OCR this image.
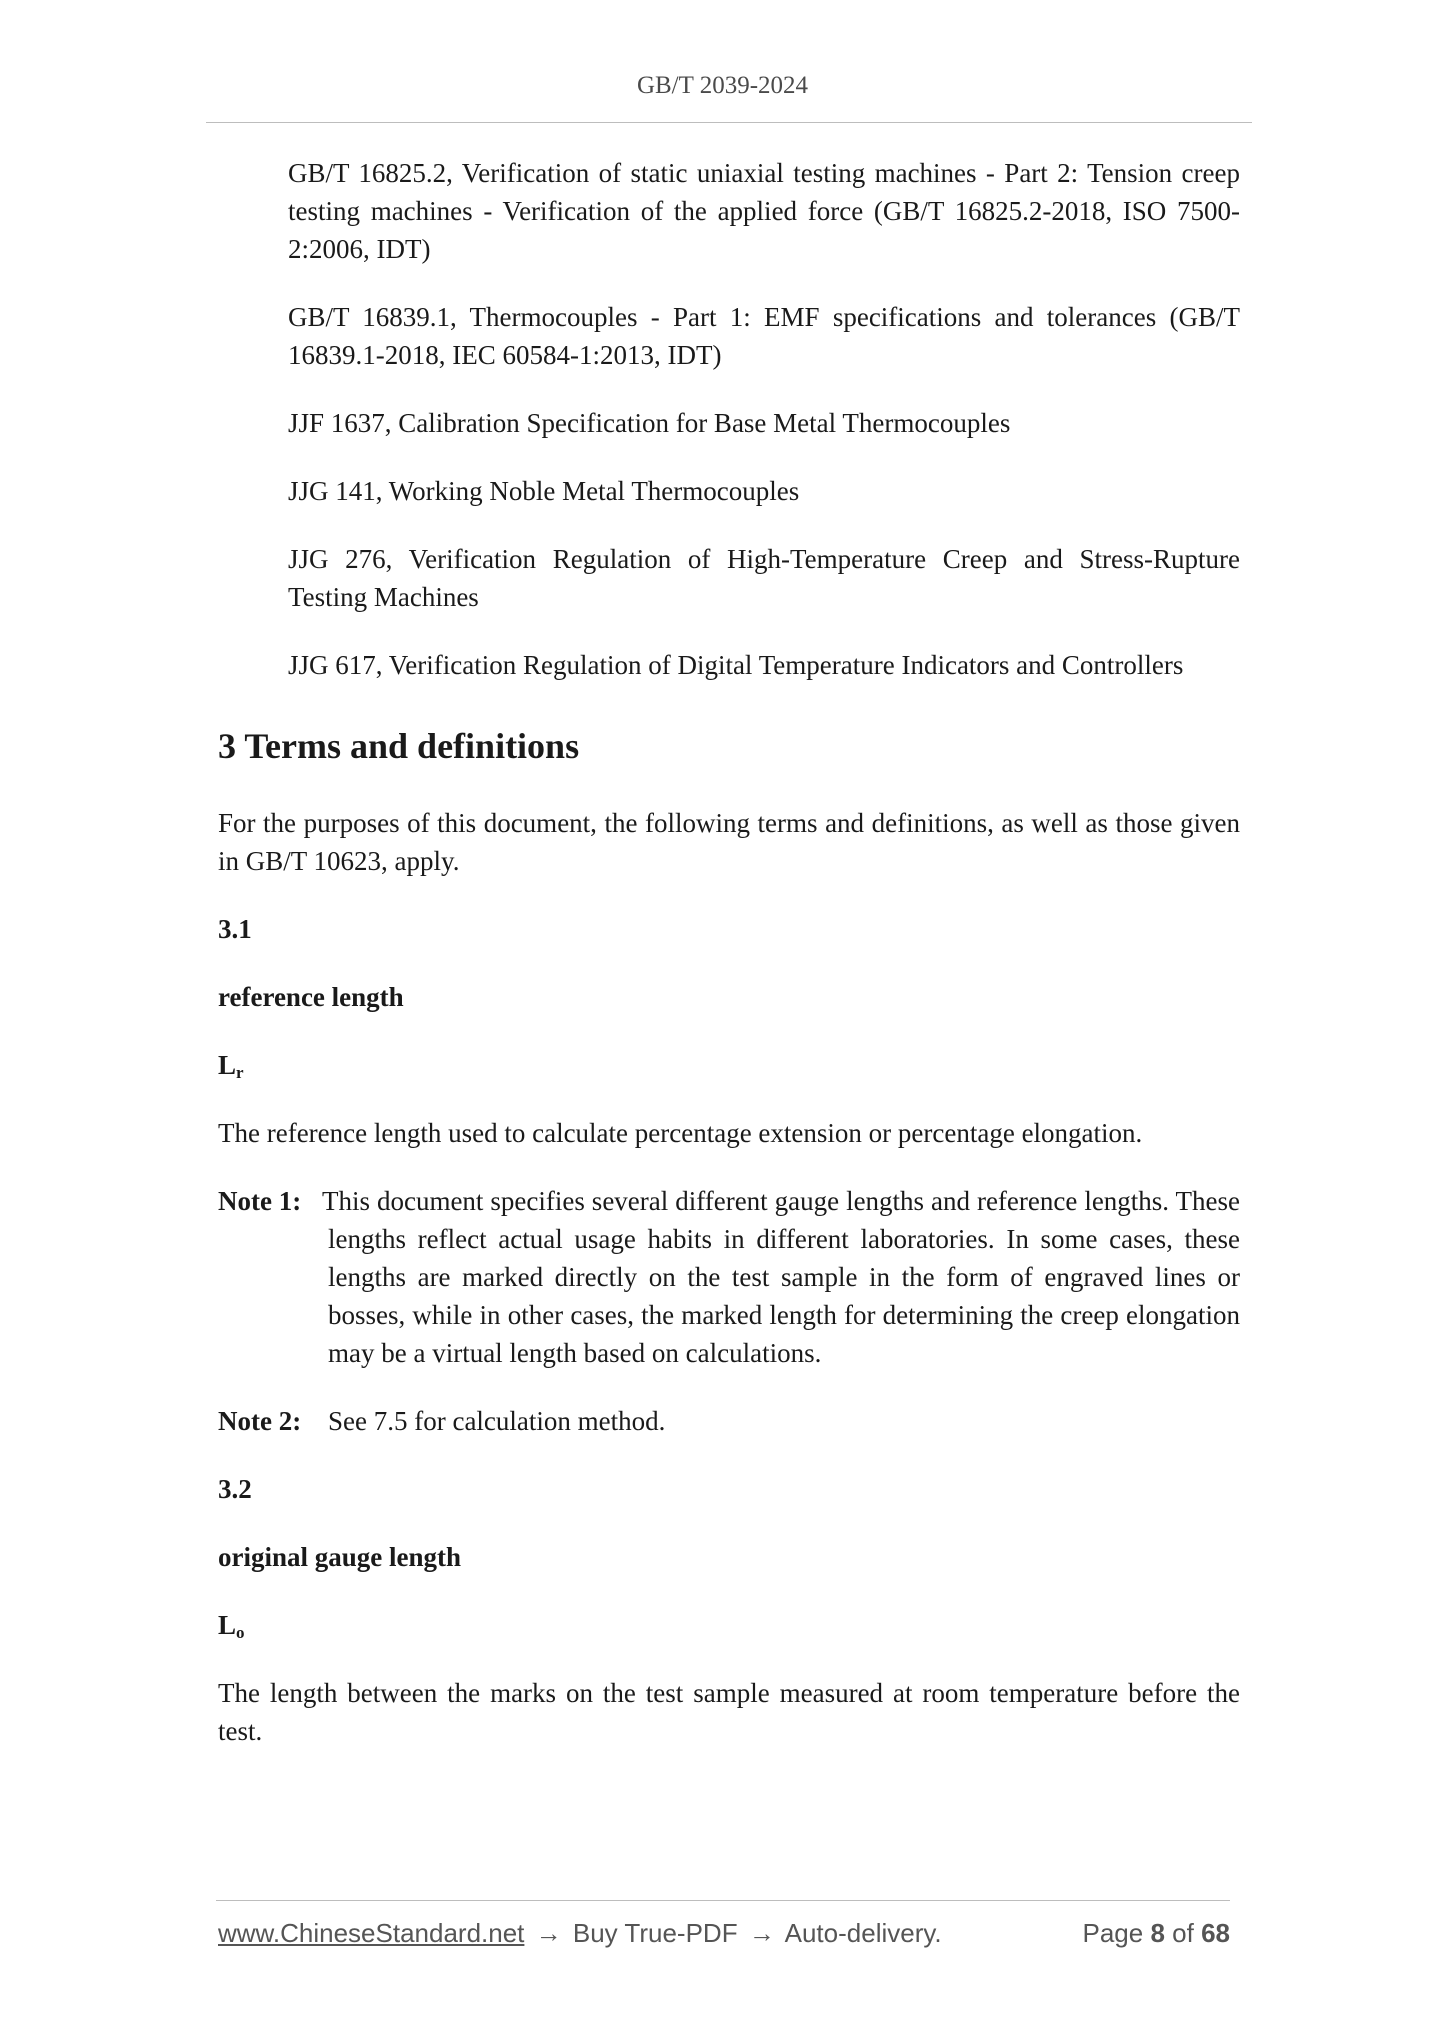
GB/T 2039-2024
GB/T 16825.2, Verification of static uniaxial testing machines - Part 2: Tension creep testing machines - Verification of the applied force (GB/T 16825.2-2018, ISO 7500-2:2006, IDT)
GB/T 16839.1, Thermocouples - Part 1: EMF specifications and tolerances (GB/T 16839.1-2018, IEC 60584-1:2013, IDT)
JJF 1637, Calibration Specification for Base Metal Thermocouples
JJG 141, Working Noble Metal Thermocouples
JJG 276, Verification Regulation of High-Temperature Creep and Stress-Rupture Testing Machines
JJG 617, Verification Regulation of Digital Temperature Indicators and Controllers
3 Terms and definitions
For the purposes of this document, the following terms and definitions, as well as those given in GB/T 10623, apply.
3.1
reference length
$L_r$
The reference length used to calculate percentage extension or percentage elongation.
Note 1: This document specifies several different gauge lengths and reference lengths. These lengths reflect actual usage habits in different laboratories. In some cases, these lengths are marked directly on the test sample in the form of engraved lines or bosses, while in other cases, the marked length for determining the creep elongation may be a virtual length based on calculations.
Note 2: See 7.5 for calculation method.
3.2
original gauge length
$L_o$
The length between the marks on the test sample measured at room temperature before the test.
www.ChineseStandard.net → Buy True-PDF → Auto-delivery.	Page 8 of 68
